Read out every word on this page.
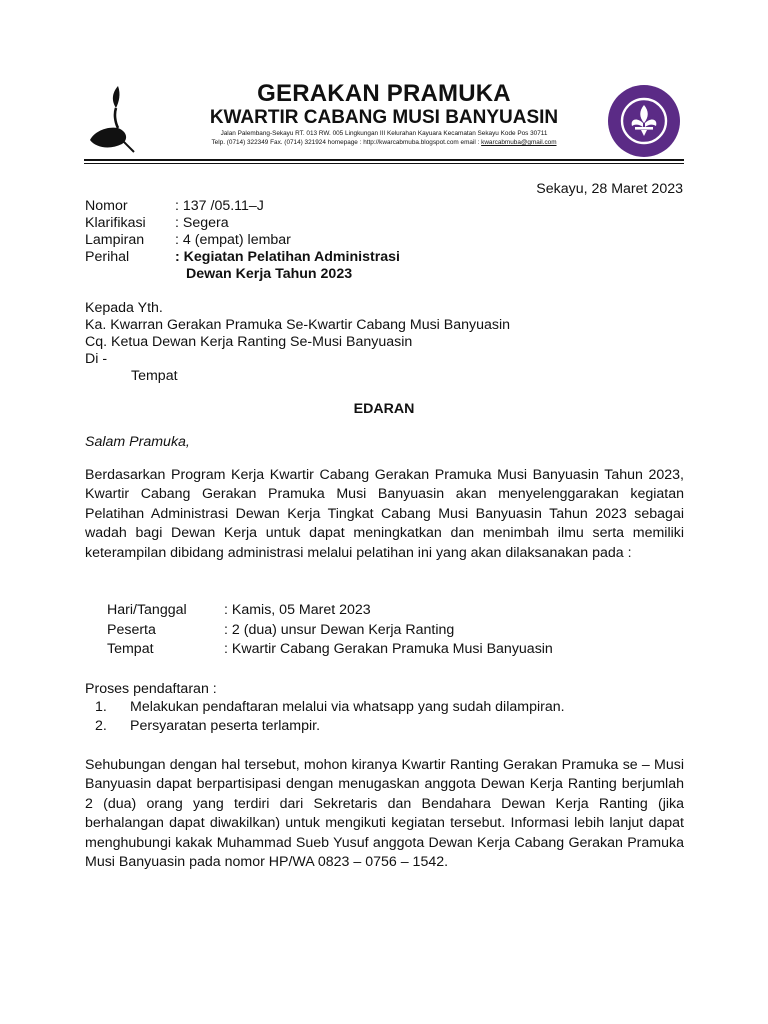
GERAKAN PRAMUKA
KWARTIR CABANG MUSI BANYUASIN
Jalan Palembang-Sekayu RT. 013 RW. 005 Lingkungan III Kelurahan Kayuara Kecamatan Sekayu Kode Pos 30711
Telp. (0714) 322349 Fax. (0714) 321924 homepage : http://kwarcabmuba.blogspot.com email : kwarcabmuba@gmail.com
Sekayu, 28 Maret 2023
Nomor	: 137 /05.11–J
Klarifikasi : Segera
Lampiran : 4 (empat) lembar
Perihal	: Kegiatan Pelatihan Administrasi
Dewan Kerja Tahun 2023
Kepada Yth.
Ka. Kwarran Gerakan Pramuka Se-Kwartir Cabang Musi Banyuasin
Cq. Ketua Dewan Kerja Ranting Se-Musi Banyuasin
Di -
Tempat
EDARAN
Salam Pramuka,
Berdasarkan Program Kerja Kwartir Cabang Gerakan Pramuka Musi Banyuasin Tahun 2023, Kwartir Cabang Gerakan Pramuka Musi Banyuasin akan menyelenggarakan kegiatan Pelatihan Administrasi Dewan Kerja Tingkat Cabang Musi Banyuasin Tahun 2023 sebagai wadah bagi Dewan Kerja untuk dapat meningkatkan dan menimbah ilmu serta memiliki keterampilan dibidang administrasi melalui pelatihan ini yang akan dilaksanakan pada :
Hari/Tanggal	: Kamis, 05 Maret 2023
Peserta	: 2 (dua) unsur Dewan Kerja Ranting
Tempat	: Kwartir Cabang Gerakan Pramuka Musi Banyuasin
Proses pendaftaran :
1. Melakukan pendaftaran melalui via whatsapp yang sudah dilampiran.
2. Persyaratan peserta terlampir.
Sehubungan dengan hal tersebut, mohon kiranya Kwartir Ranting Gerakan Pramuka se – Musi Banyuasin dapat berpartisipasi dengan menugaskan anggota Dewan Kerja Ranting berjumlah 2 (dua) orang yang terdiri dari Sekretaris dan Bendahara Dewan Kerja Ranting (jika berhalangan dapat diwakilkan) untuk mengikuti kegiatan tersebut. Informasi lebih lanjut dapat menghubungi kakak Muhammad Sueb Yusuf anggota Dewan Kerja Cabang Gerakan Pramuka Musi Banyuasin pada nomor HP/WA 0823 – 0756 – 1542.
